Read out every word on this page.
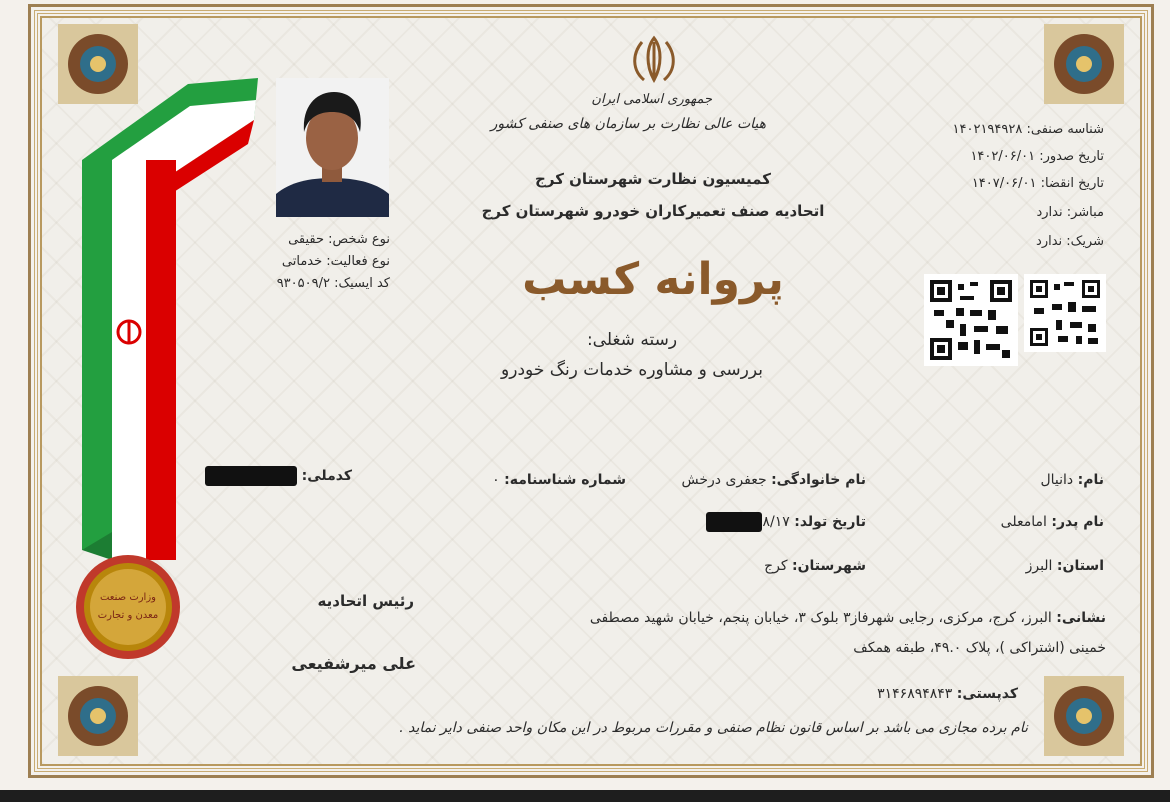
وزارت صنعت
معدن و تجارت
جمهوری اسلامی ایران
هیات عالی نظارت بر سازمان های صنفی کشور
کمیسیون نظارت شهرستان کرج
اتحادیه صنف تعمیرکاران خودرو شهرستان کرج
پروانه کسب
رسته شغلی:
بررسی و مشاوره خدمات رنگ خودرو
شناسه صنفی: ۱۴۰۲۱۹۴۹۲۸
تاریخ صدور: ۱۴۰۲/۰۶/۰۱
تاریخ انقضا: ۱۴۰۷/۰۶/۰۱
مباشر: ندارد
شریک: ندارد
نوع شخص: حقیقی
نوع فعالیت: خدماتی
کد ایسیک: ۹۳۰۵۰۹/۲
نام: دانیال
نام خانوادگی: جعفری درخش
شماره شناسنامه: ۰
کدملی:
نام پدر: امامعلی
تاریخ تولد: ۸/۱۷
استان: البرز
شهرستان: کرج
نشانی: البرز، کرج، مرکزی، رجایی شهرفاز۳ بلوک ۳، خیابان پنجم، خیابان شهید مصطفی
خمینی (اشتراکی )، پلاک ۴۹.۰، طبقه همکف
کدپستی: ۳۱۴۶۸۹۴۸۴۳
رئیس اتحادیه
علی میرشفیعی
نام برده مجازی می باشد بر اساس قانون نظام صنفی و مقررات مربوط در این مکان واحد صنفی دایر نماید .
